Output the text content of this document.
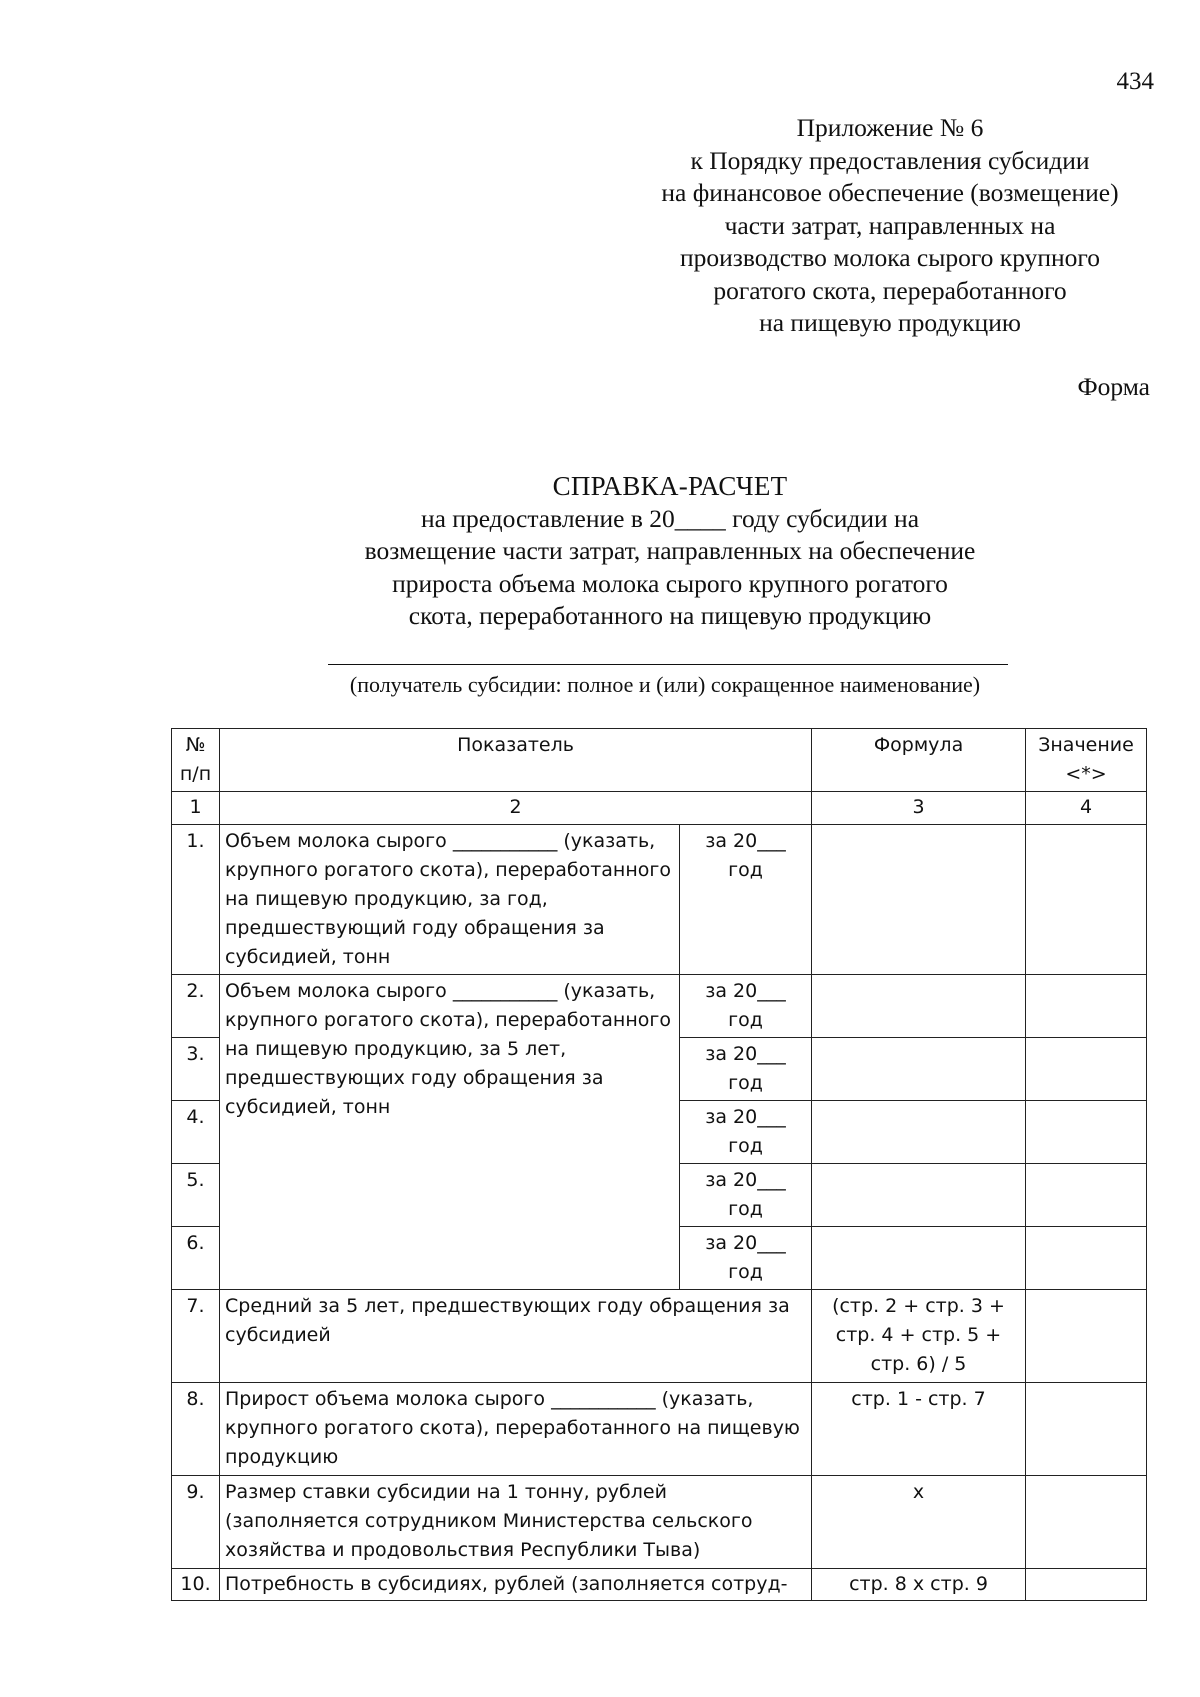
434
Приложение № 6
к Порядку предоставления субсидии
на финансовое обеспечение (возмещение)
части затрат, направленных на
производство молока сырого крупного
рогатого скота, переработанного
на пищевую продукцию
Форма
СПРАВКА-РАСЧЕТ
на предоставление в 20____ году субсидии на
возмещение части затрат, направленных на обеспечение
прироста объема молока сырого крупного рогатого
скота, переработанного на пищевую продукцию
(получатель субсидии: полное и (или) сокращенное наименование)
№ п/п	Показатель		Формула	Значение <*>
1	2		3	4
1.	Объем молока сырого ___________ (указать, крупного рогатого скота), переработанного на пищевую продукцию, за год, предшествующий году обращения за субсидией, тонн	за 20___ год		
2.	Объем молока сырого ___________ (указать, крупного рогатого скота), переработанного на пищевую продукцию, за 5 лет, предшествующих году обращения за субсидией, тонн	за 20___ год		
3.		за 20___ год		
4.		за 20___ год		
5.		за 20___ год		
6.		за 20___ год		
7.	Средний за 5 лет, предшествующих году обращения за субсидией		(стр. 2 + стр. 3 + стр. 4 + стр. 5 + стр. 6) / 5	
8.	Прирост объема молока сырого ___________ (указать, крупного рогатого скота), переработанного на пищевую продукцию		стр. 1 - стр. 7	
9.	Размер ставки субсидии на 1 тонну, рублей (заполняется сотрудником Министерства сельского хозяйства и продовольствия Республики Тыва)		х	
10.	Потребность в субсидиях, рублей (заполняется сотруд-		стр. 8 х стр. 9	
